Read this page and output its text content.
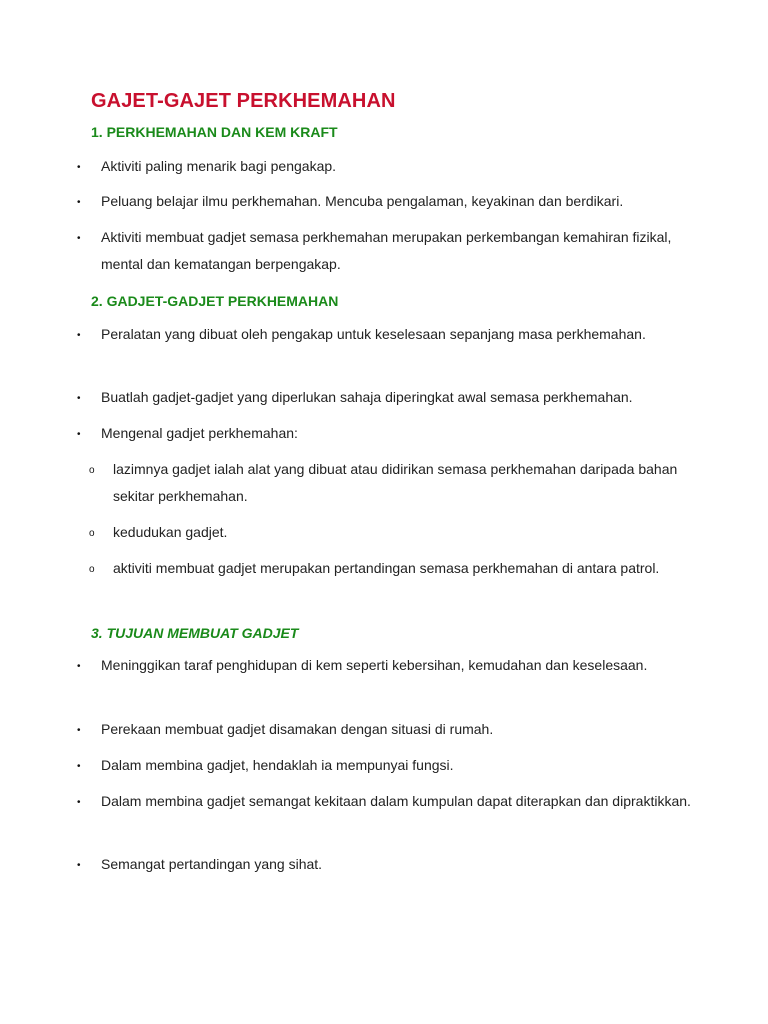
GAJET-GAJET PERKHEMAHAN
1. PERKHEMAHAN DAN KEM KRAFT
• Aktiviti paling menarik bagi pengakap.
• Peluang belajar ilmu perkhemahan. Mencuba pengalaman, keyakinan dan berdikari.
• Aktiviti membuat gadjet semasa perkhemahan merupakan perkembangan kemahiran fizikal, mental dan kematangan berpengakap.
2. GADJET-GADJET PERKHEMAHAN
• Peralatan yang dibuat oleh pengakap untuk keselesaan sepanjang masa perkhemahan.
• Buatlah gadjet-gadjet yang diperlukan sahaja diperingkat awal semasa perkhemahan.
• Mengenal gadjet perkhemahan:
o lazimnya gadjet ialah alat yang dibuat atau didirikan semasa perkhemahan daripada bahan sekitar perkhemahan.
o kedudukan gadjet.
o aktiviti membuat gadjet merupakan pertandingan semasa perkhemahan di antara patrol.
3. TUJUAN MEMBUAT GADJET
• Meninggikan taraf penghidupan di kem seperti kebersihan, kemudahan dan keselesaan.
• Perekaan membuat gadjet disamakan dengan situasi di rumah.
• Dalam membina gadjet, hendaklah ia mempunyai fungsi.
• Dalam membina gadjet semangat kekitaan dalam kumpulan dapat diterapkan dan dipraktikkan.
• Semangat pertandingan yang sihat.
